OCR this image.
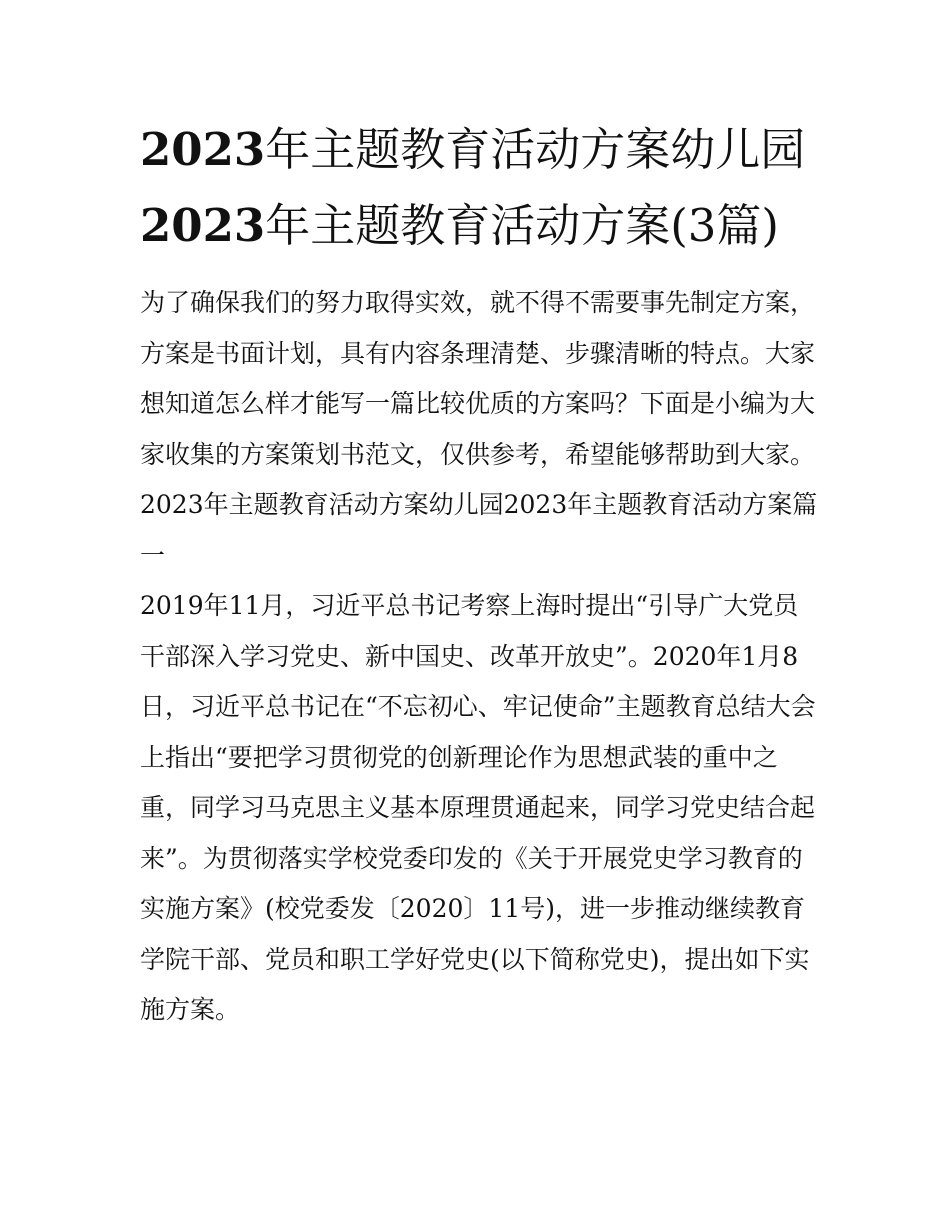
2023年主题教育活动方案幼儿园2023年主题教育活动方案(3篇)

为了确保我们的努力取得实效，就不得不需要事先制定方案，方案是书面计划，具有内容条理清楚、步骤清晰的特点。大家想知道怎么样才能写一篇比较优质的方案吗？下面是小编为大家收集的方案策划书范文，仅供参考，希望能够帮助到大家。

2023年主题教育活动方案幼儿园2023年主题教育活动方案篇一

2019年11月，习近平总书记考察上海时提出“引导广大党员干部深入学习党史、新中国史、改革开放史”。2020年1月8日，习近平总书记在“不忘初心、牢记使命”主题教育总结大会上指出“要把学习贯彻党的创新理论作为思想武装的重中之重，同学习马克思主义基本原理贯通起来，同学习党史结合起来”。为贯彻落实学校党委印发的《关于开展党史学习教育的实施方案》(校党委发〔2020〕11号)，进一步推动继续教育学院干部、党员和职工学好党史(以下简称党史)，提出如下实施方案。
